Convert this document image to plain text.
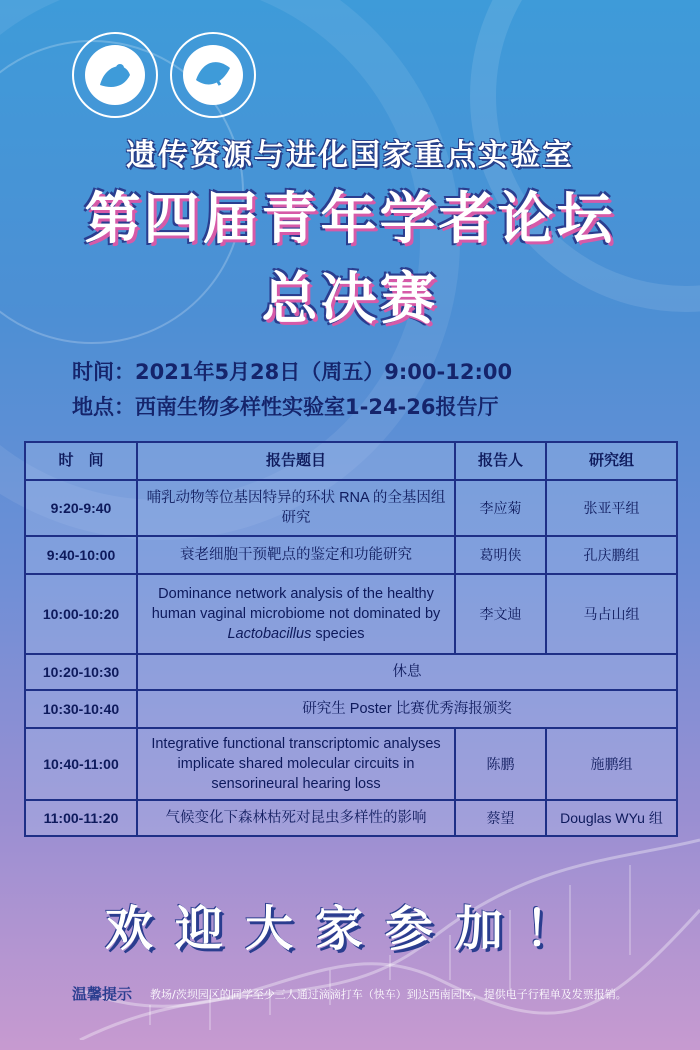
遗传资源与进化国家重点实验室
第四届青年学者论坛
总决赛
时间：2021年5月28日（周五）9:00-12:00
地点：西南生物多样性实验室1-24-26报告厅
时　间	报告题目	报告人	研究组
9:20-9:40	哺乳动物等位基因特异的环状 RNA 的全基因组研究	李应菊	张亚平组
9:40-10:00	衰老细胞干预靶点的鉴定和功能研究	葛明侠	孔庆鹏组
10:00-10:20	Dominance network analysis of the healthy human vaginal microbiome not dominated by Lactobacillus species	李文迪	马占山组
10:20-10:30	休息		
10:30-10:40	研究生 Poster 比赛优秀海报颁奖		
10:40-11:00	Integrative functional transcriptomic analyses implicate shared molecular circuits in sensorineural hearing loss	陈鹏	施鹏组
11:00-11:20	气候变化下森林枯死对昆虫多样性的影响	蔡望	Douglas WYu 组
欢迎大家参加！
温馨提示 教场/茨坝园区的同学至少三人通过滴滴打车（快车）到达西南园区，提供电子行程单及发票报销。
